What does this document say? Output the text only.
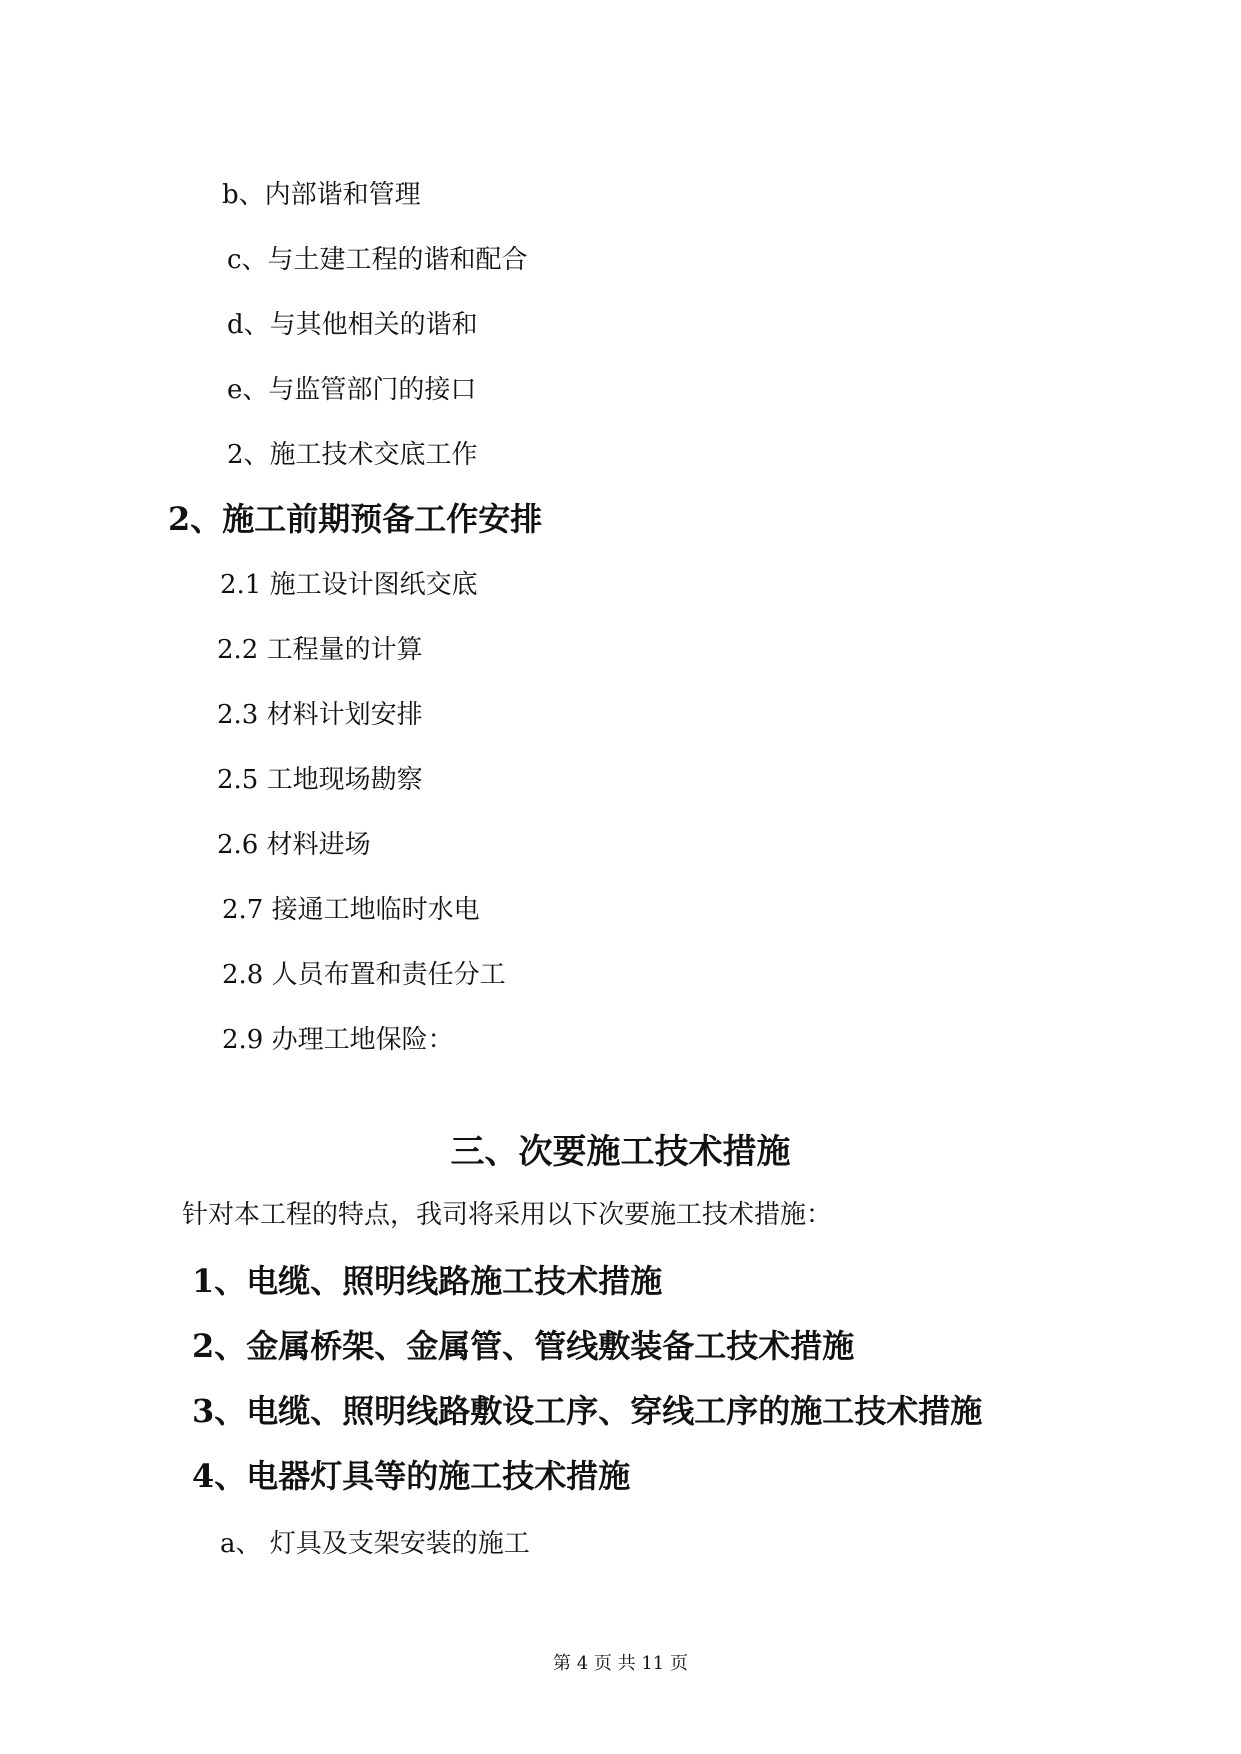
b、内部谐和管理
c、与土建工程的谐和配合
d、与其他相关的谐和
e、与监管部门的接口
2、施工技术交底工作
2、施工前期预备工作安排
2.1 施工设计图纸交底
2.2 工程量的计算
2.3 材料计划安排
2.5 工地现场勘察
2.6 材料进场
2.7 接通工地临时水电
2.8 人员布置和责任分工
2.9 办理工地保险：
三、次要施工技术措施
针对本工程的特点，我司将采用以下次要施工技术措施：
1、电缆、照明线路施工技术措施
2、金属桥架、金属管、管线敷装备工技术措施
3、电缆、照明线路敷设工序、穿线工序的施工技术措施
4、电器灯具等的施工技术措施
a、 灯具及支架安装的施工
第 4 页 共 11 页
